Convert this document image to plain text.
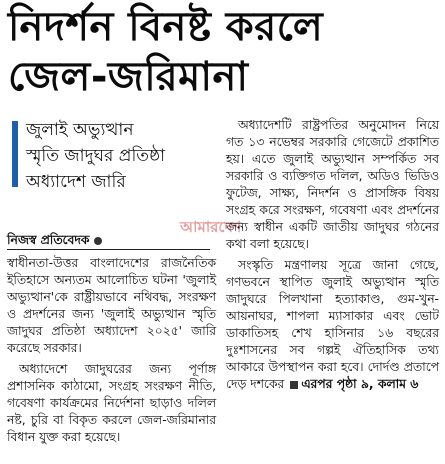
নিদর্শন বিনষ্ট করলে
জেল-জরিমানা
জুলাই অভ্যুত্থান
স্মৃতি জাদুঘর প্রতিষ্ঠা
অধ্যাদেশ জারি
আমারদেশ
নিজস্ব প্রতিবেদক

স্বাধীনতা-উত্তর বাংলাদেশের রাজনৈতিক ইতিহাসে অন্যতম আলোচিত ঘটনা 'জুলাই অভ্যুত্থান'কে রাষ্ট্রীয়ভাবে নথিবদ্ধ, সংরক্ষণ ও প্রদর্শনের জন্য 'জুলাই অভ্যুত্থান স্মৃতি জাদুঘর প্রতিষ্ঠা অধ্যাদেশ ২০২৫' জারি করেছে সরকার।

অধ্যাদেশে জাদুঘরের জন্য পূর্ণাঙ্গ প্রশাসনিক কাঠামো, সংগ্রহ সংরক্ষণ নীতি, গবেষণা কার্যক্রমের নির্দেশনা ছাড়াও দলিল নষ্ট, চুরি বা বিকৃত করলে জেল-জরিমানার বিধান যুক্ত করা হয়েছে।

অধ্যাদেশটি রাষ্ট্রপতির অনুমোদন নিয়ে গত ১৩ নভেম্বর সরকারি গেজেটে প্রকাশিত হয়। এতে জুলাই অভ্যুত্থান সম্পর্কিত সব সরকারি ও ব্যক্তিগত দলিল, অডিও ভিডিও ফুটেজ, সাক্ষ্য, নিদর্শন ও প্রাসঙ্গিক বিষয় সংগ্রহ করে সংরক্ষণ, গবেষণা এবং প্রদর্শনের জন্য স্বাধীন একটি জাতীয় জাদুঘর গঠনের কথা বলা হয়েছে।

সংস্কৃতি মন্ত্রণালয় সূত্রে জানা গেছে, গণভবনে স্থাপিত জুলাই অভ্যুত্থান স্মৃতি জাদুঘরে পিলখানা হত্যাকাণ্ড, গুম-খুন-আয়নাঘর, শাপলা ম্যাসাকার এবং ভোট ডাকাতিসহ শেখ হাসিনার ১৬ বছরের দুঃশাসনের সব গল্পই ঐতিহাসিক তথ্য আকারে উপস্থাপন করা হবে। দোর্দণ্ড প্রতাপে দেড় দশকের এরপর পৃষ্ঠা ৯, কলাম ৬
